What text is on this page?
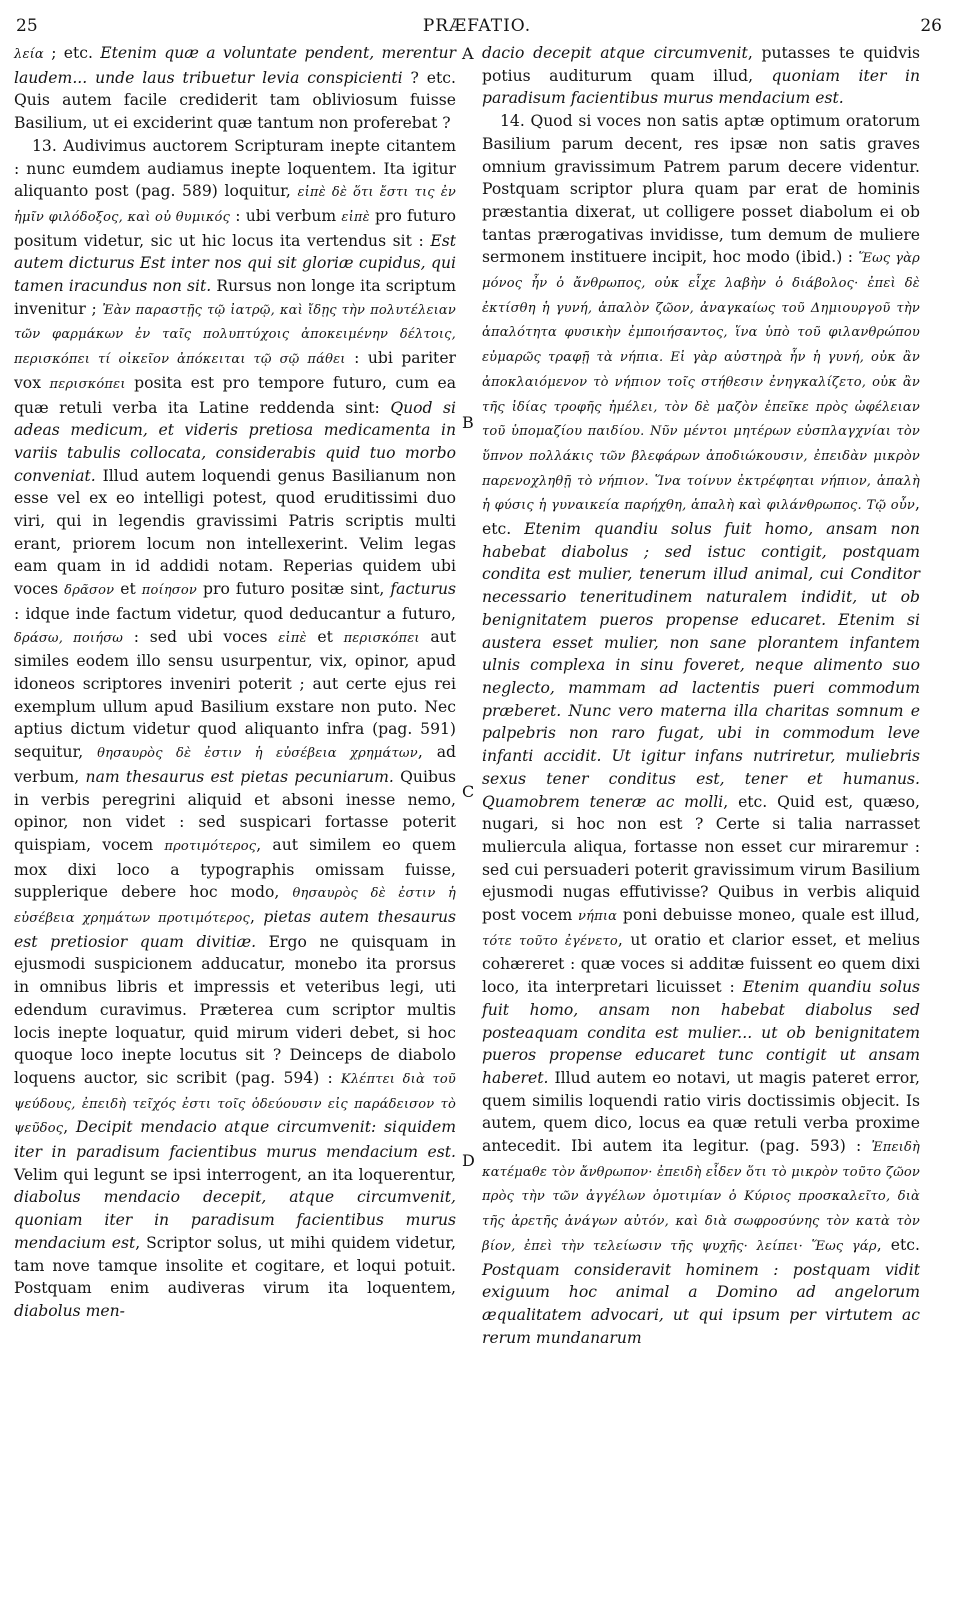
25	PRÆFATIO.	26

λεία ; etc. Etenim quæ a voluntate pendent, merentur laudem... unde laus tribuetur levia conspicienti ? etc. Quis autem facile crediderit tam obliviosum fuisse Basilium, ut ei exciderint quæ tantum non proferebat ?

13. Audivimus auctorem Scripturam inepte citantem : nunc eumdem audiamus inepte loquentem. Ita igitur aliquanto post (pag. 589) loquitur, εἰπὲ δὲ ὅτι ἔστι τις ἐν ἡμῖν φιλόδοξος, καὶ οὐ θυμικός : ubi verbum εἰπὲ pro futuro positum videtur, sic ut hic locus ita vertendus sit : Est autem dicturus Est inter nos qui sit gloriæ cupidus, qui tamen iracundus non sit. Rursus non longe ita scriptum invenitur ; Ἐὰν παραστῇς τῷ ἰατρῷ, καὶ ἴδῃς τὴν πολυτέλειαν τῶν φαρμάκων ἐν ταῖς πολυπτύχοις ἀποκειμένην δέλτοις, περισκόπει τί οἰκεῖον ἀπόκειται τῷ σῷ πάθει : ubi pariter vox περισκόπει posita est pro tempore futuro, cum ea quæ retuli verba ita Latine reddenda sint: Quod si adeas medicum, et videris pretiosa medicamenta in variis tabulis collocata, considerabis quid tuo morbo conveniat. Illud autem loquendi genus Basilianum non esse vel ex eo intelligi potest, quod eruditissimi duo viri, qui in legendis gravissimi Patris scriptis multi erant, priorem locum non intellexerint. Velim legas eam quam in id addidi notam. Reperias quidem ubi voces δρᾶσον et ποίησον pro futuro positæ sint, facturus : idque inde factum videtur, quod deducantur a futuro, δράσω, ποιήσω : sed ubi voces εἰπὲ et περισκόπει aut similes eodem illo sensu usurpentur, vix, opinor, apud idoneos scriptores inveniri poterit ; aut certe ejus rei exemplum ullum apud Basilium exstare non puto. Nec aptius dictum videtur quod aliquanto infra (pag. 591) sequitur, θησαυρὸς δὲ ἐστιν ἡ εὐσέβεια χρημάτων, ad verbum, nam thesaurus est pietas pecuniarum. Quibus in verbis peregrini aliquid et absoni inesse nemo, opinor, non videt : sed suspicari fortasse poterit quispiam, vocem προτιμότερος, aut similem eo quem mox dixi loco a typographis omissam fuisse, supplerique debere hoc modo, θησαυρὸς δὲ ἐστιν ἡ εὐσέβεια χρημάτων προτιμότερος, pietas autem thesaurus est pretiosior quam divitiæ. Ergo ne quisquam in ejusmodi suspicionem adducatur, monebo ita prorsus in omnibus libris et impressis et veteribus legi, uti edendum curavimus. Præterea cum scriptor multis locis inepte loquatur, quid mirum videri debet, si hoc quoque loco inepte locutus sit ? Deinceps de diabolo loquens auctor, sic scribit (pag. 594) : Κλέπτει διὰ τοῦ ψεύδους, ἐπειδὴ τεῖχός ἐστι τοῖς ὁδεύουσιν εἰς παράδεισον τὸ ψεῦδος, Decipit mendacio atque circumvenit: siquidem iter in paradisum facientibus murus mendacium est. Velim qui legunt se ipsi interrogent, an ita loquerentur, diabolus mendacio decepit, atque circumvenit, quoniam iter in paradisum facientibus murus mendacium est, Scriptor solus, ut mihi quidem videtur, tam nove tamque insolite et cogitare, et loqui potuit. Postquam enim audiveras virum ita loquentem, diabolus men-

dacio decepit atque circumvenit, putasses te quidvis potius auditurum quam illud, quoniam iter in paradisum facientibus murus mendacium est.

14. Quod si voces non satis aptæ optimum oratorum Basilium parum decent, res ipsæ non satis graves omnium gravissimum Patrem parum decere videntur. Postquam scriptor plura quam par erat de hominis præstantia dixerat, ut colligere posset diabolum ei ob tantas prærogativas invidisse, tum demum de muliere sermonem instituere incipit, hoc modo (ibid.) : Ἕως γὰρ μόνος ἦν ὁ ἄνθρωπος, οὐκ εἶχε λαβὴν ὁ διάβολος· ἐπεὶ δὲ ἐκτίσθη ἡ γυνή, ἁπαλὸν ζῶον, ἀναγκαίως τοῦ Δημιουργοῦ τὴν ἁπαλότητα φυσικὴν ἐμποιήσαντος, ἵνα ὑπὸ τοῦ φιλανθρώπου εὐμαρῶς τραφῇ τὰ νήπια. Εἰ γὰρ αὐστηρὰ ἦν ἡ γυνή, οὐκ ἂν ἀποκλαιόμενον τὸ νήπιον τοῖς στήθεσιν ἐνηγκαλίζετο, οὐκ ἂν τῆς ἰδίας τροφῆς ἠμέλει, τὸν δὲ μαζὸν ἐπεῖκε πρὸς ὠφέλειαν τοῦ ὑπομαζίου παιδίου. Νῦν μέντοι μητέρων εὐσπλαγχνίαι τὸν ὕπνον πολλάκις τῶν βλεφάρων ἀποδιώκουσιν, ἐπειδὰν μικρὸν παρενοχληθῇ τὸ νήπιον. Ἵνα τοίνυν ἐκτρέφηται νήπιον, ἁπαλὴ ἡ φύσις ἡ γυναικεία παρήχθη, ἁπαλὴ καὶ φιλάνθρωπος. Τῷ οὖν, etc. Etenim quandiu solus fuit homo, ansam non habebat diabolus ; sed istuc contigit, postquam condita est mulier, tenerum illud animal, cui Conditor necessario teneritudinem naturalem indidit, ut ob benignitatem pueros propense educaret. Etenim si austera esset mulier, non sane plorantem infantem ulnis complexa in sinu foveret, neque alimento suo neglecto, mammam ad lactentis pueri commodum præberet. Nunc vero materna illa charitas somnum e palpebris non raro fugat, ubi in commodum leve infanti accidit. Ut igitur infans nutriretur, muliebris sexus tener conditus est, tener et humanus. Quamobrem teneræ ac molli, etc. Quid est, quæso, nugari, si hoc non est ? Certe si talia narrasset muliercula aliqua, fortasse non esset cur miraremur : sed cui persuaderi poterit gravissimum virum Basilium ejusmodi nugas effutivisse? Quibus in verbis aliquid post vocem νήπια poni debuisse moneo, quale est illud, τότε τοῦτο ἐγένετο, ut oratio et clarior esset, et melius cohæreret : quæ voces si additæ fuissent eo quem dixi loco, ita interpretari licuisset : Etenim quandiu solus fuit homo, ansam non habebat diabolus sed posteaquam condita est mulier... ut ob benignitatem pueros propense educaret tunc contigit ut ansam haberet. Illud autem eo notavi, ut magis pateret error, quem similis loquendi ratio viris doctissimis objecit. Is autem, quem dico, locus ea quæ retuli verba proxime antecedit. Ibi autem ita legitur. (pag. 593) : Ἐπειδὴ κατέμαθε τὸν ἄνθρωπον· ἐπειδὴ εἶδεν ὅτι τὸ μικρὸν τοῦτο ζῶον πρὸς τὴν τῶν ἀγγέλων ὁμοτιμίαν ὁ Κύριος προσκαλεῖτο, διὰ τῆς ἀρετῆς ἀνάγων αὐτόν, καὶ διὰ σωφροσύνης τὸν κατὰ τὸν βίον, ἐπεὶ τὴν τελείωσιν τῆς ψυχῆς· λείπει· Ἕως γάρ, etc. Postquam consideravit hominem : postquam vidit exiguum hoc animal a Domino ad angelorum æqualitatem advocari, ut qui ipsum per virtutem ac rerum mundanarum

A
B
C
D
